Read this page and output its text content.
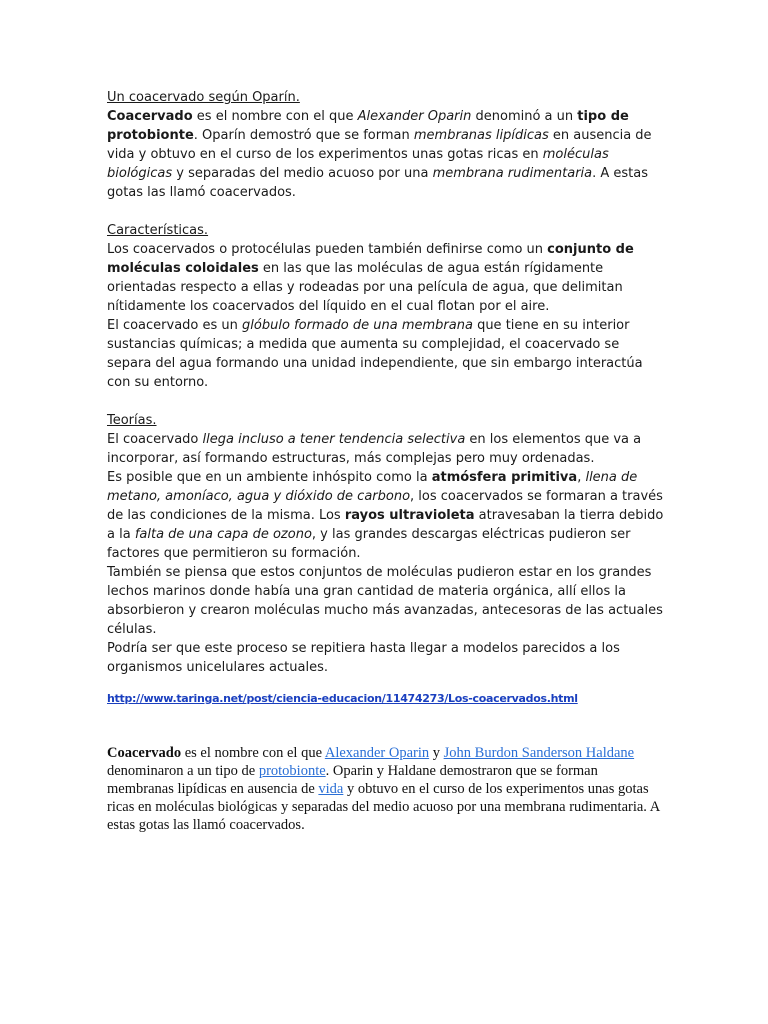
Un coacervado según Oparín.

Coacervado es el nombre con el que Alexander Oparin denominó a un tipo de protobionte. Oparín demostró que se forman membranas lipídicas en ausencia de vida y obtuvo en el curso de los experimentos unas gotas ricas en moléculas biológicas y separadas del medio acuoso por una membrana rudimentaria. A estas gotas las llamó coacervados.

Características.

Los coacervados o protocélulas pueden también definirse como un conjunto de moléculas coloidales en las que las moléculas de agua están rígidamente orientadas respecto a ellas y rodeadas por una película de agua, que delimitan nítidamente los coacervados del líquido en el cual flotan por el aire.

El coacervado es un glóbulo formado de una membrana que tiene en su interior sustancias químicas; a medida que aumenta su complejidad, el coacervado se separa del agua formando una unidad independiente, que sin embargo interactúa con su entorno.

Teorías.

El coacervado llega incluso a tener tendencia selectiva en los elementos que va a incorporar, así formando estructuras, más complejas pero muy ordenadas.

Es posible que en un ambiente inhóspito como la atmósfera primitiva, llena de metano, amoníaco, agua y dióxido de carbono, los coacervados se formaran a través de las condiciones de la misma. Los rayos ultravioleta atravesaban la tierra debido a la falta de una capa de ozono, y las grandes descargas eléctricas pudieron ser factores que permitieron su formación.

También se piensa que estos conjuntos de moléculas pudieron estar en los grandes lechos marinos donde había una gran cantidad de materia orgánica, allí ellos la absorbieron y crearon moléculas mucho más avanzadas, antecesoras de las actuales células.

Podría ser que este proceso se repitiera hasta llegar a modelos parecidos a los organismos unicelulares actuales.

http://www.taringa.net/post/ciencia-educacion/11474273/Los-coacervados.html
Coacervado es el nombre con el que Alexander Oparin y John Burdon Sanderson Haldane denominaron a un tipo de protobionte. Oparin y Haldane demostraron que se forman membranas lipídicas en ausencia de vida y obtuvo en el curso de los experimentos unas gotas ricas en moléculas biológicas y separadas del medio acuoso por una membrana rudimentaria. A estas gotas las llamó coacervados.
